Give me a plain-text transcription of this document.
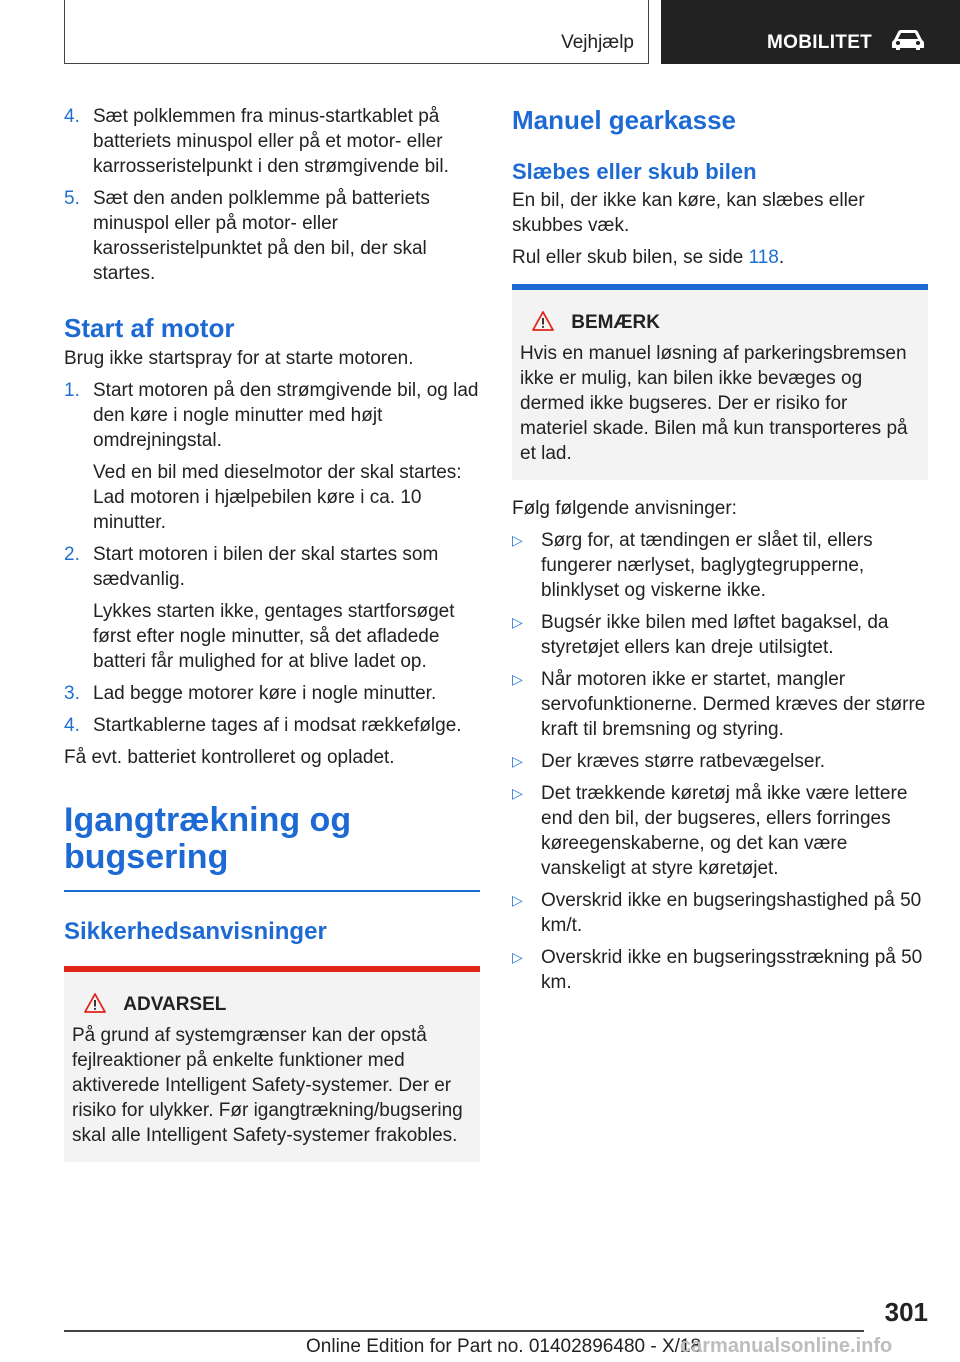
Vejhjælp	MOBILITET
4. Sæt polklemmen fra minus-startkablet på batteriets minuspol eller på et motor- eller karrosseristelpunkt i den strømgivende bil.
5. Sæt den anden polklemme på batteriets minuspol eller på motor- eller karosseristelpunktet på den bil, der skal startes.
Start af motor
Brug ikke startspray for at starte motoren.
1. Start motoren på den strømgivende bil, og lad den køre i nogle minutter med højt omdrejningstal.
Ved en bil med dieselmotor der skal startes: Lad motoren i hjælpebilen køre i ca. 10 minutter.
2. Start motoren i bilen der skal startes som sædvanlig.
Lykkes starten ikke, gentages startforsøget først efter nogle minutter, så det afladede batteri får mulighed for at blive ladet op.
3. Lad begge motorer køre i nogle minutter.
4. Startkablerne tages af i modsat rækkefølge.
Få evt. batteriet kontrolleret og opladet.
Igangtrækning og bugsering
Sikkerhedsanvisninger
ADVARSEL
På grund af systemgrænser kan der opstå fejlreaktioner på enkelte funktioner med aktiverede Intelligent Safety-systemer. Der er risiko for ulykker. Før igangtrækning/bugsering skal alle Intelligent Safety-systemer frakobles.
Manuel gearkasse
Slæbes eller skub bilen
En bil, der ikke kan køre, kan slæbes eller skubbes væk.
Rul eller skub bilen, se side 118.
BEMÆRK
Hvis en manuel løsning af parkeringsbremsen ikke er mulig, kan bilen ikke bevæges og dermed ikke bugseres. Der er risiko for materiel skade. Bilen må kun transporteres på et lad.
Følg følgende anvisninger:
▷ Sørg for, at tændingen er slået til, ellers fungerer nærlyset, baglygtegrupperne, blinklyset og viskerne ikke.
▷ Bugsér ikke bilen med løftet bagaksel, da styretøjet ellers kan dreje utilsigtet.
▷ Når motoren ikke er startet, mangler servofunktionerne. Dermed kræves der større kraft til bremsning og styring.
▷ Der kræves større ratbevægelser.
▷ Det trækkende køretøj må ikke være lettere end den bil, der bugseres, ellers forringes køreegenskaberne, og det kan være vanskeligt at styre køretøjet.
▷ Overskrid ikke en bugseringshastighed på 50 km/t.
▷ Overskrid ikke en bugseringsstrækning på 50 km.
301
Online Edition for Part no. 01402896480 - X/18
carmanualsonline.info
